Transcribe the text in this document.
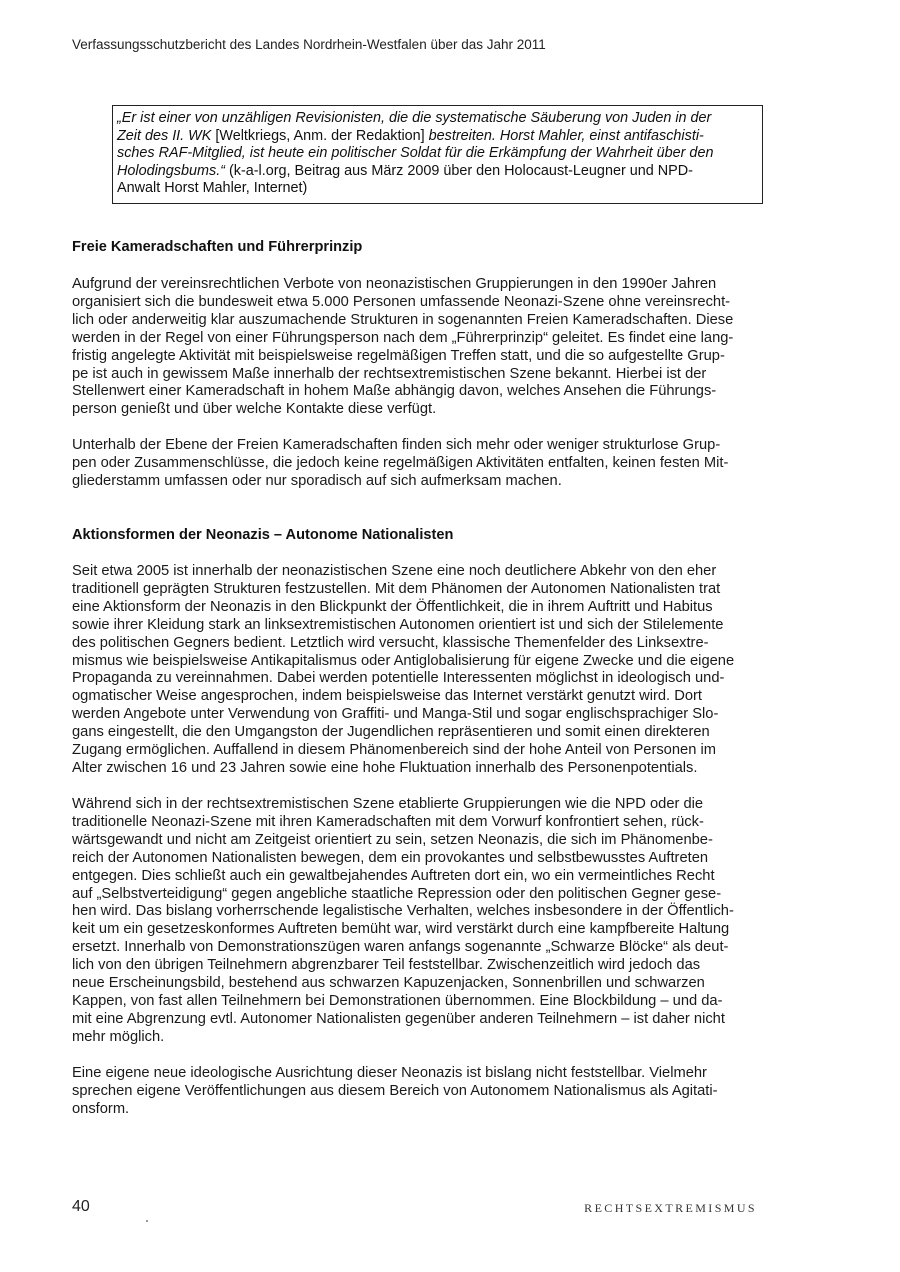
Verfassungsschutzbericht des Landes Nordrhein-Westfalen über das Jahr 2011
„Er ist einer von unzähligen Revisionisten, die die systematische Säuberung von Juden in der
Zeit des II. WK [Weltkriegs, Anm. der Redaktion] bestreiten. Horst Mahler, einst antifaschisti-
sches RAF-Mitglied, ist heute ein politischer Soldat für die Erkämpfung der Wahrheit über den
Holodingsbums.“ (k-a-l.org, Beitrag aus März 2009 über den Holocaust-Leugner und NPD-
Anwalt Horst Mahler, Internet)
Freie Kameradschaften und Führerprinzip
Aufgrund der vereinsrechtlichen Verbote von neonazistischen Gruppierungen in den 1990er Jahren
organisiert sich die bundesweit etwa 5.000 Personen umfassende Neonazi-Szene ohne vereinsrecht-
lich oder anderweitig klar auszumachende Strukturen in sogenannten Freien Kameradschaften. Diese
werden in der Regel von einer Führungsperson nach dem „Führerprinzip“ geleitet. Es findet eine lang-
fristig angelegte Aktivität mit beispielsweise regelmäßigen Treffen statt, und die so aufgestellte Grup-
pe ist auch in gewissem Maße innerhalb der rechtsextremistischen Szene bekannt. Hierbei ist der
Stellenwert einer Kameradschaft in hohem Maße abhängig davon, welches Ansehen die Führungs-
person genießt und über welche Kontakte diese verfügt.
Unterhalb der Ebene der Freien Kameradschaften finden sich mehr oder weniger strukturlose Grup-
pen oder Zusammenschlüsse, die jedoch keine regelmäßigen Aktivitäten entfalten, keinen festen Mit-
gliederstamm umfassen oder nur sporadisch auf sich aufmerksam machen.
Aktionsformen der Neonazis – Autonome Nationalisten
Seit etwa 2005 ist innerhalb der neonazistischen Szene eine noch deutlichere Abkehr von den eher
traditionell geprägten Strukturen festzustellen. Mit dem Phänomen der Autonomen Nationalisten trat
eine Aktionsform der Neonazis in den Blickpunkt der Öffentlichkeit, die in ihrem Auftritt und Habitus
sowie ihrer Kleidung stark an linksextremistischen Autonomen orientiert ist und sich der Stilelemente
des politischen Gegners bedient. Letztlich wird versucht, klassische Themenfelder des Linksextre-
mismus wie beispielsweise Antikapitalismus oder Antiglobalisierung für eigene Zwecke und die eigene
Propaganda zu vereinnahmen. Dabei werden potentielle Interessenten möglichst in ideologisch und-
ogmatischer Weise angesprochen, indem beispielsweise das Internet verstärkt genutzt wird. Dort
werden Angebote unter Verwendung von Graffiti- und Manga-Stil und sogar englischsprachiger Slo-
gans eingestellt, die den Umgangston der Jugendlichen repräsentieren und somit einen direkteren
Zugang ermöglichen. Auffallend in diesem Phänomenbereich sind der hohe Anteil von Personen im
Alter zwischen 16 und 23 Jahren sowie eine hohe Fluktuation innerhalb des Personenpotentials.
Während sich in der rechtsextremistischen Szene etablierte Gruppierungen wie die NPD oder die
traditionelle Neonazi-Szene mit ihren Kameradschaften mit dem Vorwurf konfrontiert sehen, rück-
wärtsgewandt und nicht am Zeitgeist orientiert zu sein, setzen Neonazis, die sich im Phänomenbe-
reich der Autonomen Nationalisten bewegen, dem ein provokantes und selbstbewusstes Auftreten
entgegen. Dies schließt auch ein gewaltbejahendes Auftreten dort ein, wo ein vermeintliches Recht
auf „Selbstverteidigung“ gegen angebliche staatliche Repression oder den politischen Gegner gese-
hen wird. Das bislang vorherrschende legalistische Verhalten, welches insbesondere in der Öffentlich-
keit um ein gesetzeskonformes Auftreten bemüht war, wird verstärkt durch eine kampfbereite Haltung
ersetzt. Innerhalb von Demonstrationszügen waren anfangs sogenannte „Schwarze Blöcke“ als deut-
lich von den übrigen Teilnehmern abgrenzbarer Teil feststellbar. Zwischenzeitlich wird jedoch das
neue Erscheinungsbild, bestehend aus schwarzen Kapuzenjacken, Sonnenbrillen und schwarzen
Kappen, von fast allen Teilnehmern bei Demonstrationen übernommen. Eine Blockbildung – und da-
mit eine Abgrenzung evtl. Autonomer Nationalisten gegenüber anderen Teilnehmern – ist daher nicht
mehr möglich.
Eine eigene neue ideologische Ausrichtung dieser Neonazis ist bislang nicht feststellbar. Vielmehr
sprechen eigene Veröffentlichungen aus diesem Bereich von Autonomem Nationalismus als Agitati-
onsform.
40	RECHTSEXTREMISMUS
